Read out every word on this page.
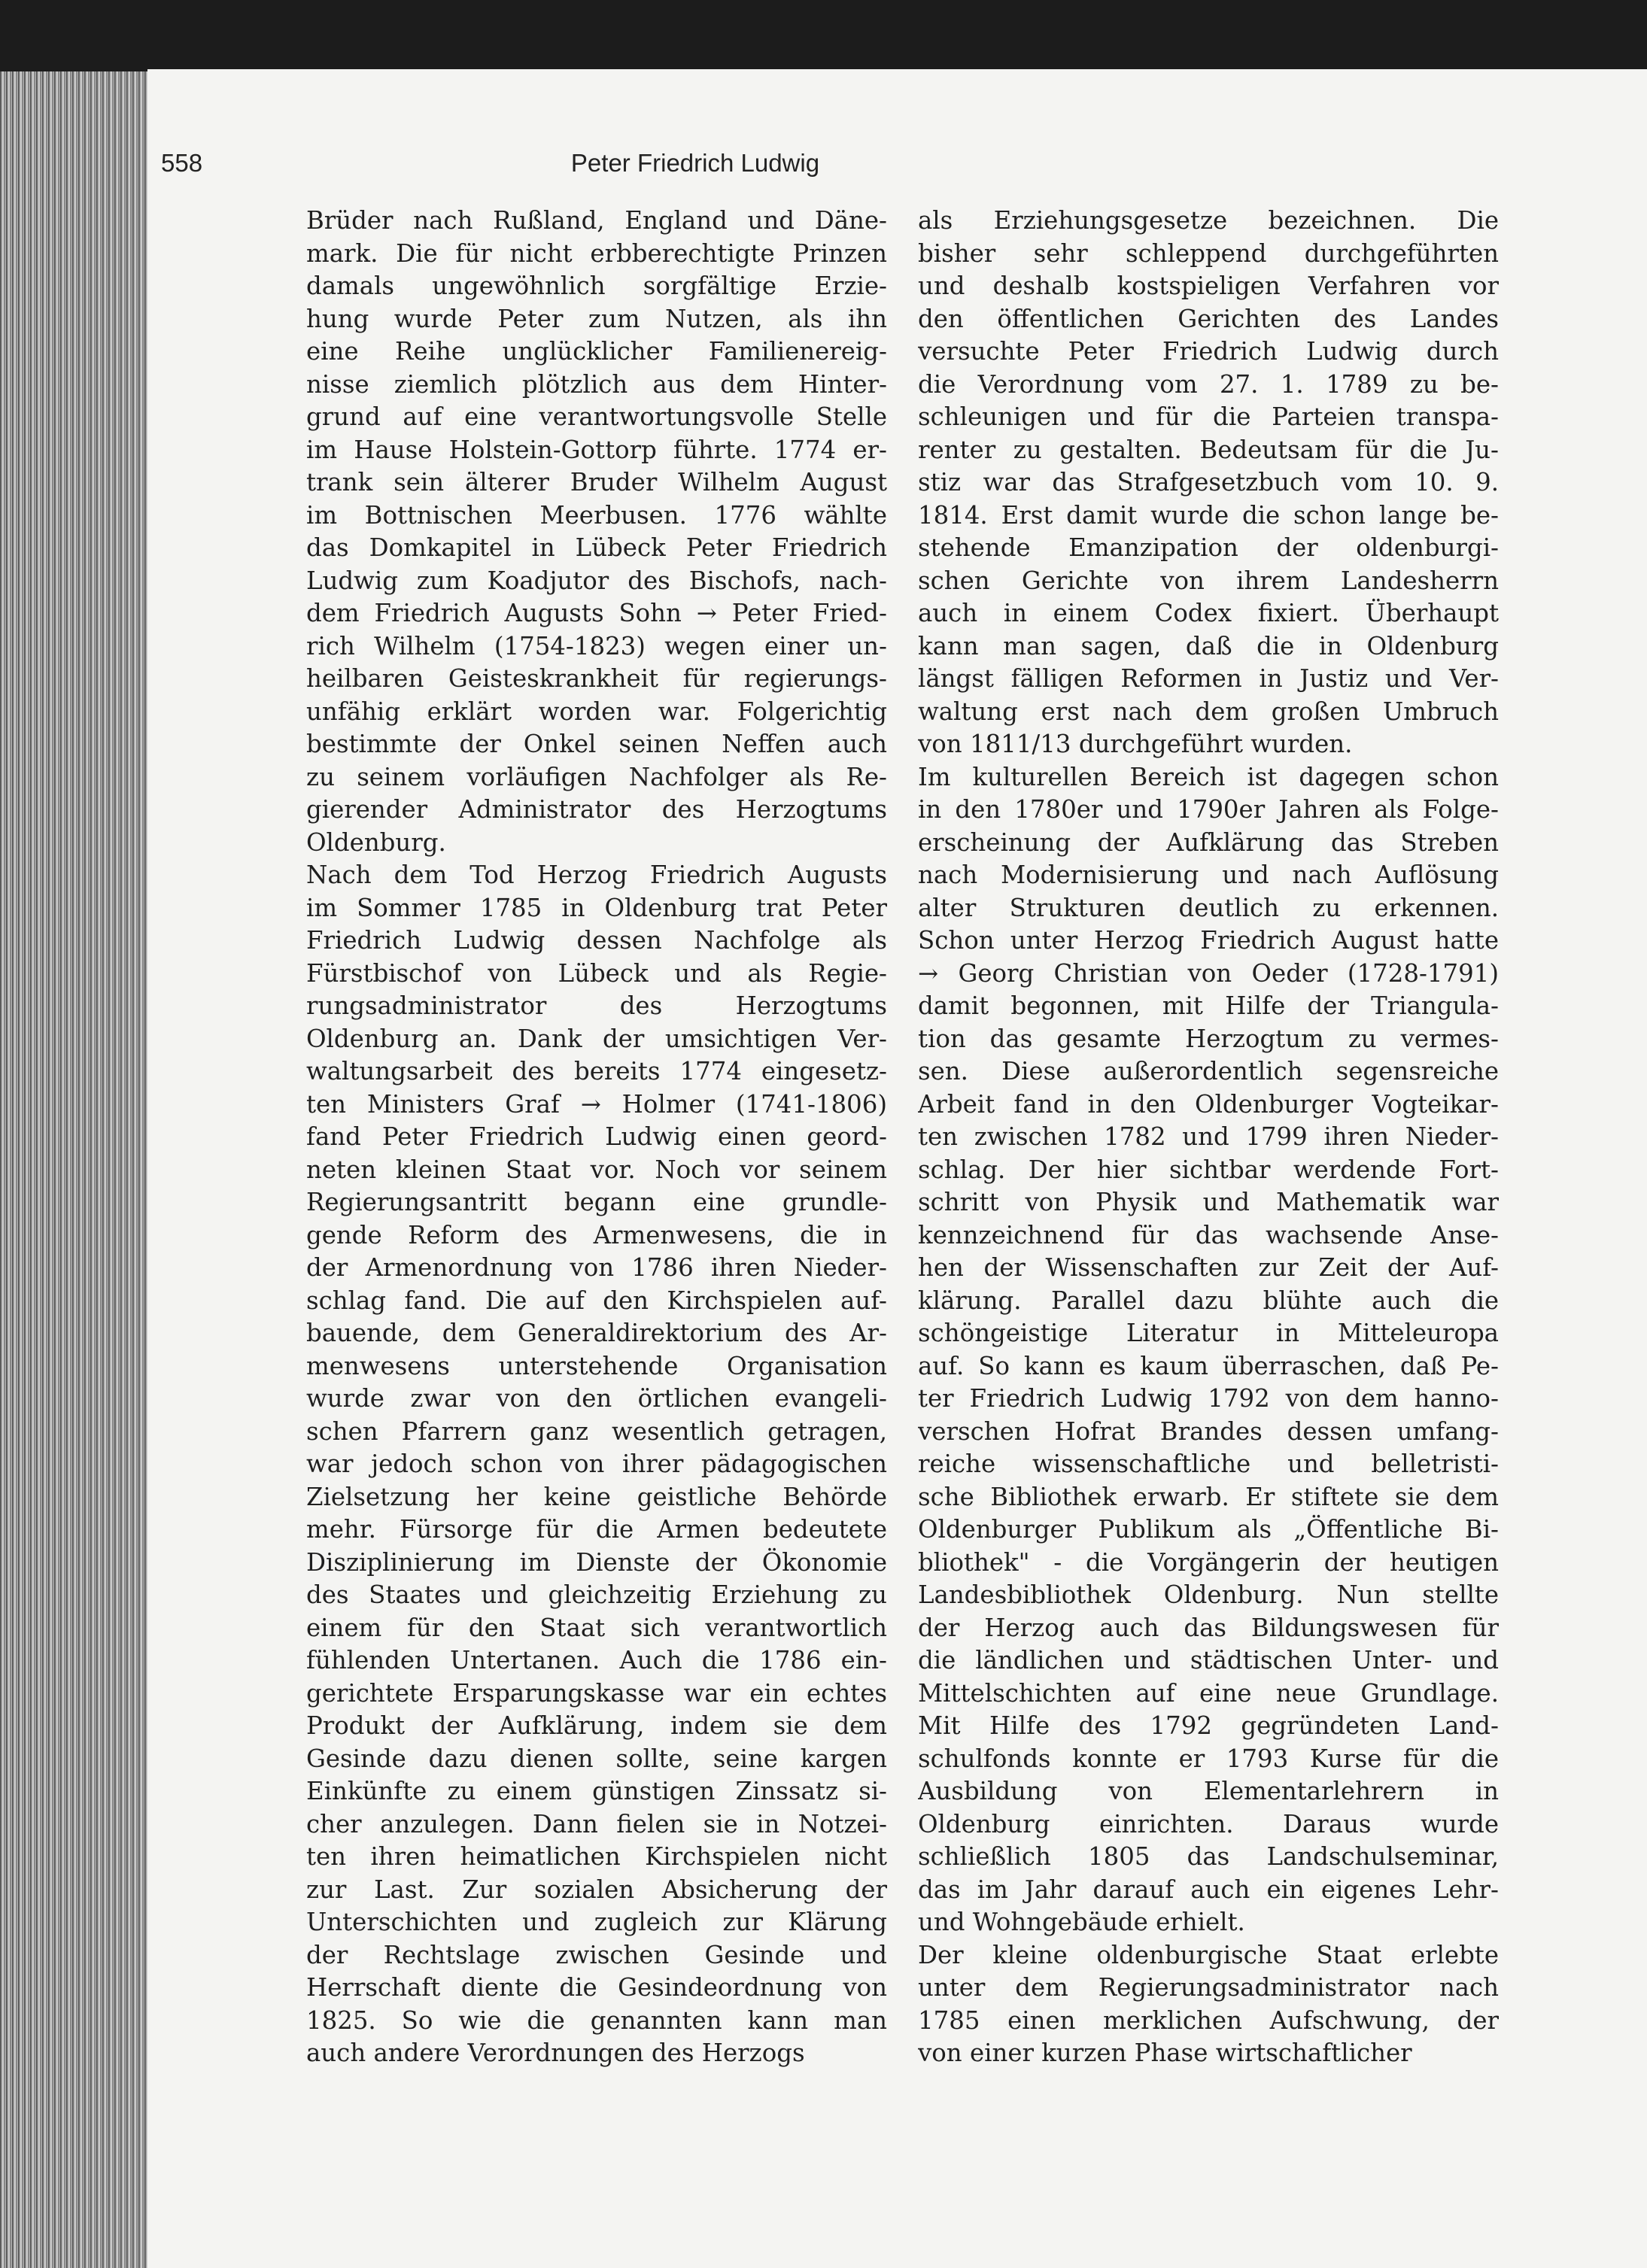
558	Peter Friedrich Ludwig
Brüder nach Rußland, England und Däne-
mark. Die für nicht erbberechtigte Prinzen
damals ungewöhnlich sorgfältige Erzie-
hung wurde Peter zum Nutzen, als ihn
eine Reihe unglücklicher Familienereig-
nisse ziemlich plötzlich aus dem Hinter-
grund auf eine verantwortungsvolle Stelle
im Hause Holstein-Gottorp führte. 1774 er-
trank sein älterer Bruder Wilhelm August
im Bottnischen Meerbusen. 1776 wählte
das Domkapitel in Lübeck Peter Friedrich
Ludwig zum Koadjutor des Bischofs, nach-
dem Friedrich Augusts Sohn → Peter Fried-
rich Wilhelm (1754-1823) wegen einer un-
heilbaren Geisteskrankheit für regierungs-
unfähig erklärt worden war. Folgerichtig
bestimmte der Onkel seinen Neffen auch
zu seinem vorläufigen Nachfolger als Re-
gierender Administrator des Herzogtums
Oldenburg.
Nach dem Tod Herzog Friedrich Augusts
im Sommer 1785 in Oldenburg trat Peter
Friedrich Ludwig dessen Nachfolge als
Fürstbischof von Lübeck und als Regie-
rungsadministrator des Herzogtums
Oldenburg an. Dank der umsichtigen Ver-
waltungsarbeit des bereits 1774 eingesetz-
ten Ministers Graf → Holmer (1741-1806)
fand Peter Friedrich Ludwig einen geord-
neten kleinen Staat vor. Noch vor seinem
Regierungsantritt begann eine grundle-
gende Reform des Armenwesens, die in
der Armenordnung von 1786 ihren Nieder-
schlag fand. Die auf den Kirchspielen auf-
bauende, dem Generaldirektorium des Ar-
menwesens unterstehende Organisation
wurde zwar von den örtlichen evangeli-
schen Pfarrern ganz wesentlich getragen,
war jedoch schon von ihrer pädagogischen
Zielsetzung her keine geistliche Behörde
mehr. Fürsorge für die Armen bedeutete
Disziplinierung im Dienste der Ökonomie
des Staates und gleichzeitig Erziehung zu
einem für den Staat sich verantwortlich
fühlenden Untertanen. Auch die 1786 ein-
gerichtete Ersparungskasse war ein echtes
Produkt der Aufklärung, indem sie dem
Gesinde dazu dienen sollte, seine kargen
Einkünfte zu einem günstigen Zinssatz si-
cher anzulegen. Dann fielen sie in Notzei-
ten ihren heimatlichen Kirchspielen nicht
zur Last. Zur sozialen Absicherung der
Unterschichten und zugleich zur Klärung
der Rechtslage zwischen Gesinde und
Herrschaft diente die Gesindeordnung von
1825. So wie die genannten kann man
auch andere Verordnungen des Herzogs
als Erziehungsgesetze bezeichnen. Die
bisher sehr schleppend durchgeführten
und deshalb kostspieligen Verfahren vor
den öffentlichen Gerichten des Landes
versuchte Peter Friedrich Ludwig durch
die Verordnung vom 27. 1. 1789 zu be-
schleunigen und für die Parteien transpa-
renter zu gestalten. Bedeutsam für die Ju-
stiz war das Strafgesetzbuch vom 10. 9.
1814. Erst damit wurde die schon lange be-
stehende Emanzipation der oldenburgi-
schen Gerichte von ihrem Landesherrn
auch in einem Codex fixiert. Überhaupt
kann man sagen, daß die in Oldenburg
längst fälligen Reformen in Justiz und Ver-
waltung erst nach dem großen Umbruch
von 1811/13 durchgeführt wurden.
Im kulturellen Bereich ist dagegen schon
in den 1780er und 1790er Jahren als Folge-
erscheinung der Aufklärung das Streben
nach Modernisierung und nach Auflösung
alter Strukturen deutlich zu erkennen.
Schon unter Herzog Friedrich August hatte
→ Georg Christian von Oeder (1728-1791)
damit begonnen, mit Hilfe der Triangula-
tion das gesamte Herzogtum zu vermes-
sen. Diese außerordentlich segensreiche
Arbeit fand in den Oldenburger Vogteikar-
ten zwischen 1782 und 1799 ihren Nieder-
schlag. Der hier sichtbar werdende Fort-
schritt von Physik und Mathematik war
kennzeichnend für das wachsende Anse-
hen der Wissenschaften zur Zeit der Auf-
klärung. Parallel dazu blühte auch die
schöngeistige Literatur in Mitteleuropa
auf. So kann es kaum überraschen, daß Pe-
ter Friedrich Ludwig 1792 von dem hanno-
verschen Hofrat Brandes dessen umfang-
reiche wissenschaftliche und belletristi-
sche Bibliothek erwarb. Er stiftete sie dem
Oldenburger Publikum als „Öffentliche Bi-
bliothek" - die Vorgängerin der heutigen
Landesbibliothek Oldenburg. Nun stellte
der Herzog auch das Bildungswesen für
die ländlichen und städtischen Unter- und
Mittelschichten auf eine neue Grundlage.
Mit Hilfe des 1792 gegründeten Land-
schulfonds konnte er 1793 Kurse für die
Ausbildung von Elementarlehrern in
Oldenburg einrichten. Daraus wurde
schließlich 1805 das Landschulseminar,
das im Jahr darauf auch ein eigenes Lehr-
und Wohngebäude erhielt.
Der kleine oldenburgische Staat erlebte
unter dem Regierungsadministrator nach
1785 einen merklichen Aufschwung, der
von einer kurzen Phase wirtschaftlicher
